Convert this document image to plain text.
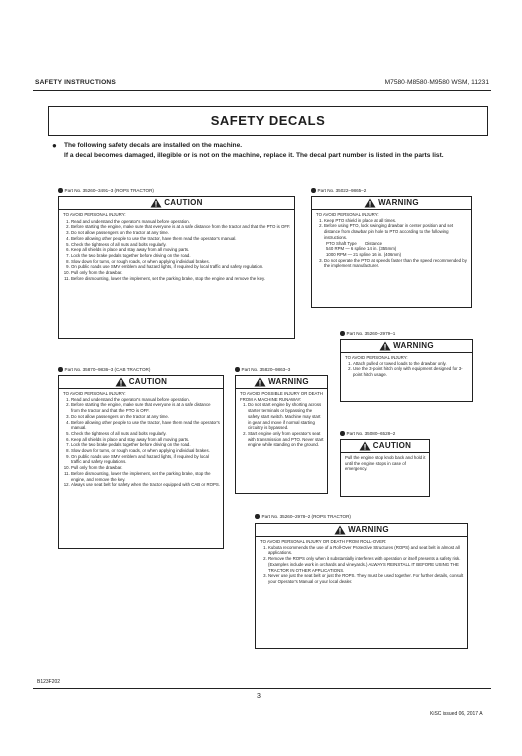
SAFETY INSTRUCTIONS	M7580·M8580·M9580 WSM, 11231
SAFETY DECALS
● The following safety decals are installed on the machine.
If a decal becomes damaged, illegible or is not on the machine, replace it. The decal part number is listed in the parts list.
Part No. 35260–3491–3 (ROPS TRACTOR)
CAUTION

TO AVOID PERSONAL INJURY:

1. Read and understand the operator's manual before operation.
2. Before starting the engine, make sure that everyone is at a safe distance from the tractor and that the PTO is OFF.
3. Do not allow passengers on the tractor at any time.
4. Before allowing other people to use the tractor, have them read the operator's manual.
5. Check the tightness of all nuts and bolts regularly.
6. Keep all shields in place and stay away from all moving parts.
7. Lock the two brake pedals together before driving on the road.
8. Slow down for turns, or rough roads, or when applying individual brakes.
9. On public roads use SMV emblem and hazard lights, if required by local traffic and safety regulation.
10. Pull only from the drawbar.
11. Before dismounting, lower the implement, set the parking brake, stop the engine and remove the key.
Part No. 35022–9865–2
WARNING

TO AVOID PERSONAL INJURY:

1. Keep PTO shield in place at all times.
2. Before using PTO, lock swinging drawbar in center position and set distance from drawbar pin hole to PTO according to the following instructions.
PTO Shaft Type Distance
540 RPM — 6 spline 14 in. (355mm)
1000 RPM — 21 spline 16 in. (406mm)
3. Do not operate the PTO at speeds faster than the speed recommended by the implement manufacturer.
Part No. 35260–2979–1
WARNING

TO AVOID PERSONAL INJURY:

1. Attach pulled or towed loads to the drawbar only.
2. Use the 3-point hitch only with equipment designed for 3-point hitch usage.
Part No. 35870–9836–3 (CAB TRACTOR)
CAUTION

TO AVOID PERSONAL INJURY:

1. Read and understand the operator's manual before operation.
2. Before starting the engine, make sure that everyone is at a safe distance from the tractor and that the PTO is OFF.
3. Do not allow passengers on the tractor at any time.
4. Before allowing other people to use the tractor, have them read the operator's manual.
5. Check the tightness of all nuts and bolts regularly.
6. Keep all shields in place and stay away from all moving parts.
7. Lock the two brake pedals together before driving on the road.
8. Slow down for turns, or rough roads, or when applying individual brakes.
9. On public roads use SMV emblem and hazard lights, if required by local traffic and safety regulations.
10. Pull only from the drawbar.
11. Before dismounting, lower the implement, set the parking brake, stop the engine, and remove the key.
12. Always use seat belt for safety when the tractor equipped with CAB or ROPS.
Part No. 35820–9863–3
WARNING

TO AVOID POSSIBLE INJURY OR DEATH FROM A MACHINE RUNAWAY:

1. Do not start engine by shorting across starter terminals or bypassing the safety start switch. Machine may start in gear and move if normal starting circuitry is bypassed.
2. Start engine only from operator's seat with transmission and PTO. Never start engine while standing on the ground.
Part No. 35080–6528–2
CAUTION

Pull the engine stop knob back and hold it until the engine stops in case of emergency.

Part No. 35260–2978–2 (ROPS TRACTOR)
WARNING

TO AVOID PERSONAL INJURY OR DEATH FROM ROLL-OVER:

1. Kubota recommends the use of a Roll-Over Protective Structures (ROPS) and seat belt in almost all applications.
2. Remove the ROPS only when it substantially interferes with operation or itself presents a safety risk. (Examples include work in orchards and vineyards.) ALWAYS REINSTALL IT BEFORE USING THE TRACTOR IN OTHER APPLICATIONS.
3. Never use just the seat belt or just the ROPS. They must be used together. For further details, consult your Operator's Manual or your local dealer.
B123F202
3
KiSC issued 06, 2017 A
